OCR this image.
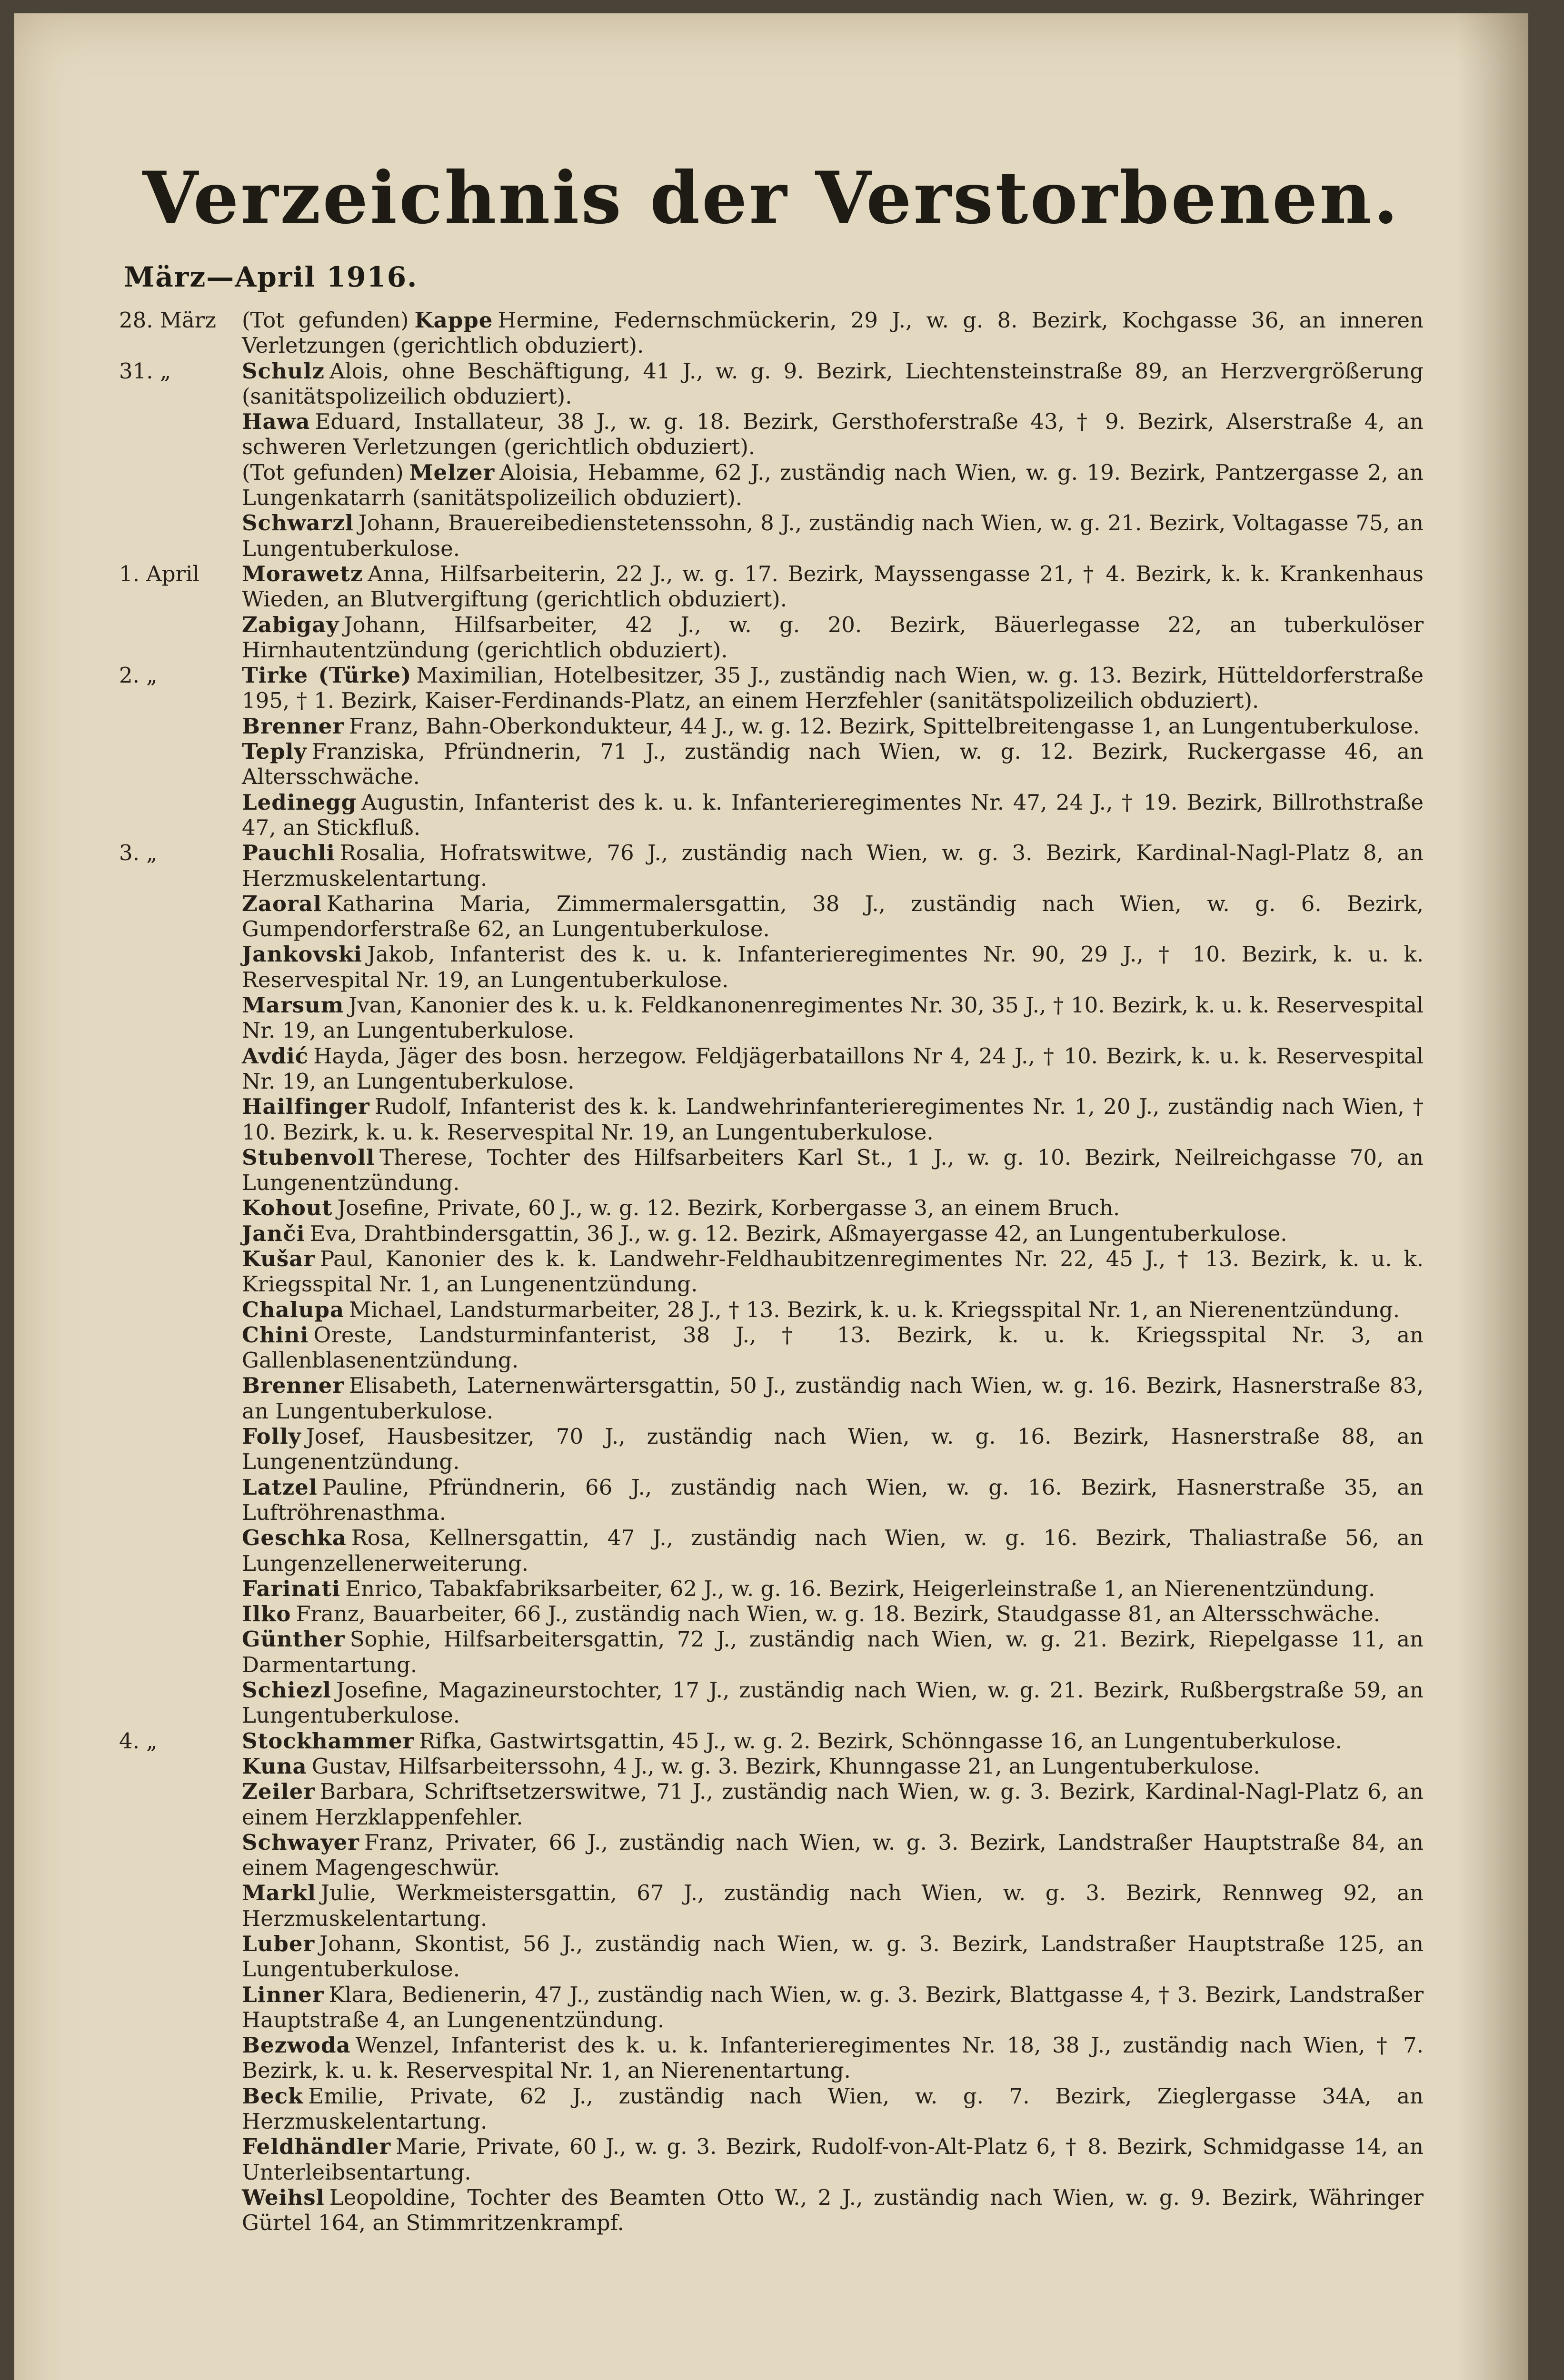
Verzeichnis der Verstorbenen.
März—April 1916.
28. März	(Tot gefunden) Kappe Hermine, Federnschmückerin, 29 J., w. g. 8. Bezirk, Kochgasse 36, an inneren Verletzungen (gerichtlich obduziert).
31. „	Schulz Alois, ohne Beschäftigung, 41 J., w. g. 9. Bezirk, Liechtensteinstraße 89, an Herzvergrößerung (sanitätspolizeilich obduziert).
Hawa Eduard, Installateur, 38 J., w. g. 18. Bezirk, Gersthoferstraße 43, † 9. Bezirk, Alserstraße 4, an schweren Verletzungen (gerichtlich obduziert).
(Tot gefunden) Melzer Aloisia, Hebamme, 62 J., zuständig nach Wien, w. g. 19. Bezirk, Pantzergasse 2, an Lungenkatarrh (sanitätspolizeilich obduziert).
Schwarzl Johann, Brauereibedienstetenssohn, 8 J., zuständig nach Wien, w. g. 21. Bezirk, Voltagasse 75, an Lungentuberkulose.
1. April	Morawetz Anna, Hilfsarbeiterin, 22 J., w. g. 17. Bezirk, Mayssengasse 21, † 4. Bezirk, k. k. Krankenhaus Wieden, an Blutvergiftung (gerichtlich obduziert).
Zabigay Johann, Hilfsarbeiter, 42 J., w. g. 20. Bezirk, Bäuerlegasse 22, an tuberkulöser Hirnhautentzündung (gerichtlich obduziert).
2. „	Tirke (Türke) Maximilian, Hotelbesitzer, 35 J., zuständig nach Wien, w. g. 13. Bezirk, Hütteldorferstraße 195, † 1. Bezirk, Kaiser-Ferdinands-Platz, an einem Herzfehler (sanitätspolizeilich obduziert).
Brenner Franz, Bahn-Oberkondukteur, 44 J., w. g. 12. Bezirk, Spittelbreitengasse 1, an Lungentuberkulose.
Teply Franziska, Pfründnerin, 71 J., zuständig nach Wien, w. g. 12. Bezirk, Ruckergasse 46, an Altersschwäche.
Ledinegg Augustin, Infanterist des k. u. k. Infanterieregimentes Nr. 47, 24 J., † 19. Bezirk, Billrothstraße 47, an Stickfluß.
3. „	Pauchli Rosalia, Hofratswitwe, 76 J., zuständig nach Wien, w. g. 3. Bezirk, Kardinal-Nagl-Platz 8, an Herzmuskelentartung.
Zaoral Katharina Maria, Zimmermalersgattin, 38 J., zuständig nach Wien, w. g. 6. Bezirk, Gumpendorferstraße 62, an Lungentuberkulose.
Jankovski Jakob, Infanterist des k. u. k. Infanterieregimentes Nr. 90, 29 J., † 10. Bezirk, k. u. k. Reservespital Nr. 19, an Lungentuberkulose.
Marsum Jvan, Kanonier des k. u. k. Feldkanonenregimentes Nr. 30, 35 J., † 10. Bezirk, k. u. k. Reservespital Nr. 19, an Lungentuberkulose.
Avdić Hayda, Jäger des bosn. herzegow. Feldjägerbataillons Nr 4, 24 J., † 10. Bezirk, k. u. k. Reservespital Nr. 19, an Lungentuberkulose.
Hailfinger Rudolf, Infanterist des k. k. Landwehrinfanterieregimentes Nr. 1, 20 J., zuständig nach Wien, † 10. Bezirk, k. u. k. Reservespital Nr. 19, an Lungentuberkulose.
Stubenvoll Therese, Tochter des Hilfsarbeiters Karl St., 1 J., w. g. 10. Bezirk, Neilreichgasse 70, an Lungenentzündung.
Kohout Josefine, Private, 60 J., w. g. 12. Bezirk, Korbergasse 3, an einem Bruch.
Janči Eva, Drahtbindersgattin, 36 J., w. g. 12. Bezirk, Aßmayergasse 42, an Lungentuberkulose.
Kušar Paul, Kanonier des k. k. Landwehr-Feldhaubitzenregimentes Nr. 22, 45 J., † 13. Bezirk, k. u. k. Kriegsspital Nr. 1, an Lungenentzündung.
Chalupa Michael, Landsturmarbeiter, 28 J., † 13. Bezirk, k. u. k. Kriegsspital Nr. 1, an Nierenentzündung.
Chini Oreste, Landsturminfanterist, 38 J., † 13. Bezirk, k. u. k. Kriegsspital Nr. 3, an Gallenblasenentzündung.
Brenner Elisabeth, Laternenwärtersgattin, 50 J., zuständig nach Wien, w. g. 16. Bezirk, Hasnerstraße 83, an Lungentuberkulose.
Folly Josef, Hausbesitzer, 70 J., zuständig nach Wien, w. g. 16. Bezirk, Hasnerstraße 88, an Lungenentzündung.
Latzel Pauline, Pfründnerin, 66 J., zuständig nach Wien, w. g. 16. Bezirk, Hasnerstraße 35, an Luftröhrenasthma.
Geschka Rosa, Kellnersgattin, 47 J., zuständig nach Wien, w. g. 16. Bezirk, Thaliastraße 56, an Lungenzellenerweiterung.
Farinati Enrico, Tabakfabriksarbeiter, 62 J., w. g. 16. Bezirk, Heigerleinstraße 1, an Nierenentzündung.
Ilko Franz, Bauarbeiter, 66 J., zuständig nach Wien, w. g. 18. Bezirk, Staudgasse 81, an Altersschwäche.
Günther Sophie, Hilfsarbeitersgattin, 72 J., zuständig nach Wien, w. g. 21. Bezirk, Riepelgasse 11, an Darmentartung.
Schiezl Josefine, Magazineurstochter, 17 J., zuständig nach Wien, w. g. 21. Bezirk, Rußbergstraße 59, an Lungentuberkulose.
4. „	Stockhammer Rifka, Gastwirtsgattin, 45 J., w. g. 2. Bezirk, Schönngasse 16, an Lungentuberkulose.
Kuna Gustav, Hilfsarbeiterssohn, 4 J., w. g. 3. Bezirk, Khunngasse 21, an Lungentuberkulose.
Zeiler Barbara, Schriftsetzerswitwe, 71 J., zuständig nach Wien, w. g. 3. Bezirk, Kardinal-Nagl-Platz 6, an einem Herzklappenfehler.
Schwayer Franz, Privater, 66 J., zuständig nach Wien, w. g. 3. Bezirk, Landstraßer Hauptstraße 84, an einem Magengeschwür.
Markl Julie, Werkmeistersgattin, 67 J., zuständig nach Wien, w. g. 3. Bezirk, Rennweg 92, an Herzmuskelentartung.
Luber Johann, Skontist, 56 J., zuständig nach Wien, w. g. 3. Bezirk, Landstraßer Hauptstraße 125, an Lungentuberkulose.
Linner Klara, Bedienerin, 47 J., zuständig nach Wien, w. g. 3. Bezirk, Blattgasse 4, † 3. Bezirk, Landstraßer Hauptstraße 4, an Lungenentzündung.
Bezwoda Wenzel, Infanterist des k. u. k. Infanterieregimentes Nr. 18, 38 J., zuständig nach Wien, † 7. Bezirk, k. u. k. Reservespital Nr. 1, an Nierenentartung.
Beck Emilie, Private, 62 J., zuständig nach Wien, w. g. 7. Bezirk, Zieglergasse 34A, an Herzmuskelentartung.
Feldhändler Marie, Private, 60 J., w. g. 3. Bezirk, Rudolf-von-Alt-Platz 6, † 8. Bezirk, Schmidgasse 14, an Unterleibsentartung.
Weihsl Leopoldine, Tochter des Beamten Otto W., 2 J., zuständig nach Wien, w. g. 9. Bezirk, Währinger Gürtel 164, an Stimmritzenkrampf.
